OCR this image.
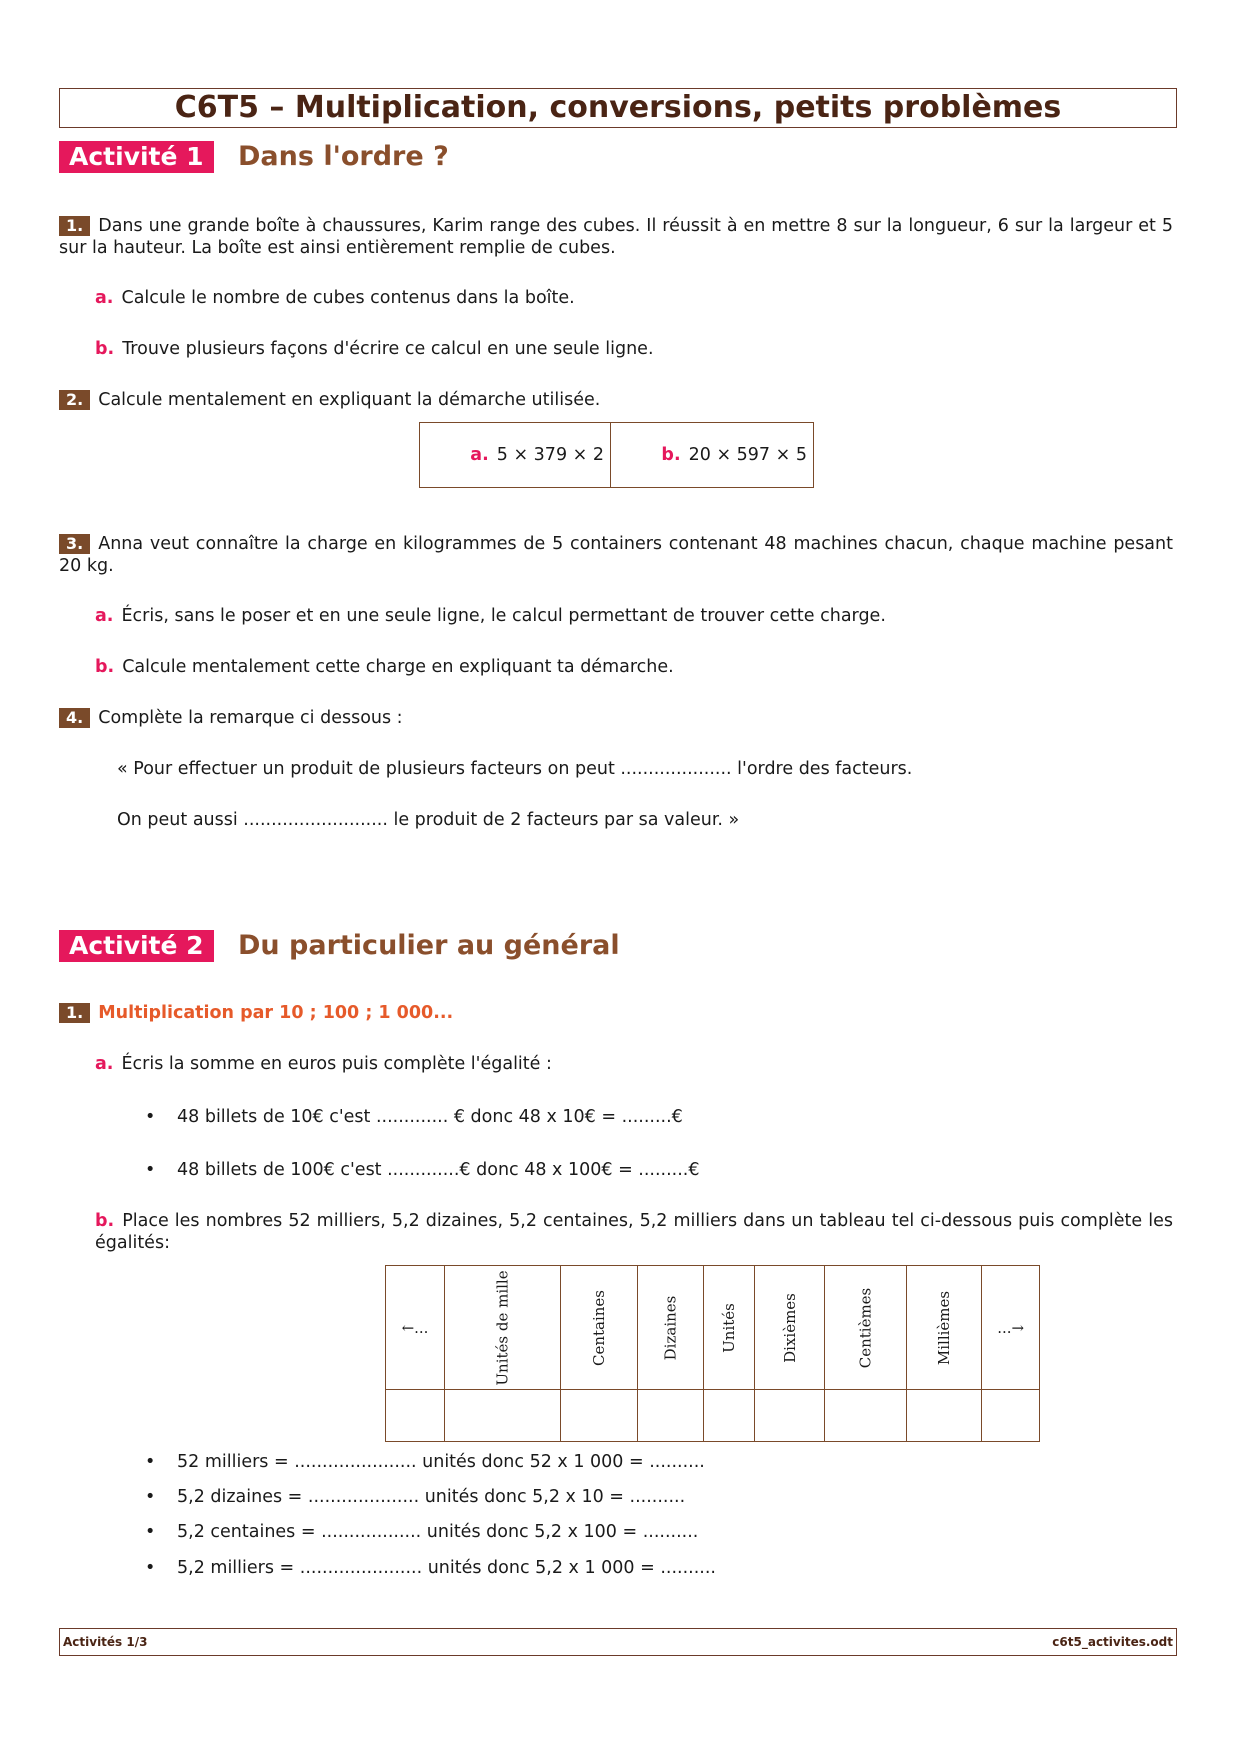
C6T5 – Multiplication, conversions, petits problèmes
Activité 1	Dans l'ordre ?
1. Dans une grande boîte à chaussures, Karim range des cubes. Il réussit à en mettre 8 sur la longueur, 6 sur la largeur et 5 sur la hauteur. La boîte est ainsi entièrement remplie de cubes.
a. Calcule le nombre de cubes contenus dans la boîte.
b. Trouve plusieurs façons d'écrire ce calcul en une seule ligne.
2. Calcule mentalement en expliquant la démarche utilisée.
a. 5 × 379 × 2	b. 20 × 597 × 5
3. Anna veut connaître la charge en kilogrammes de 5 containers contenant 48 machines chacun, chaque machine pesant 20 kg.
a. Écris, sans le poser et en une seule ligne, le calcul permettant de trouver cette charge.
b. Calcule mentalement cette charge en expliquant ta démarche.
4. Complète la remarque ci dessous :
« Pour effectuer un produit de plusieurs facteurs on peut .................... l'ordre des facteurs.
On peut aussi .......................... le produit de 2 facteurs par sa valeur. »
Activité 2	Du particulier au général
1. Multiplication par 10 ; 100 ; 1 000...
a. Écris la somme en euros puis complète l'égalité :
• 48 billets de 10€ c'est ............. € donc 48 x 10€ = .........€
• 48 billets de 100€ c'est .............€ donc 48 x 100€ = .........€
b. Place les nombres 52 milliers, 5,2 dizaines, 5,2 centaines, 5,2 milliers dans un tableau tel ci-dessous puis complète les égalités:
←...	Unités de mille	Centaines	Dizaines	Unités	Dixièmes	Centièmes	Millièmes	...→

• 52 milliers = ...................... unités donc 52 x 1 000 = ..........
• 5,2 dizaines = .................... unités donc 5,2 x 10 = ..........
• 5,2 centaines = .................. unités donc 5,2 x 100 = ..........
• 5,2 milliers = ...................... unités donc 5,2 x 1 000 = ..........
Activités 1/3	c6t5_activites.odt
